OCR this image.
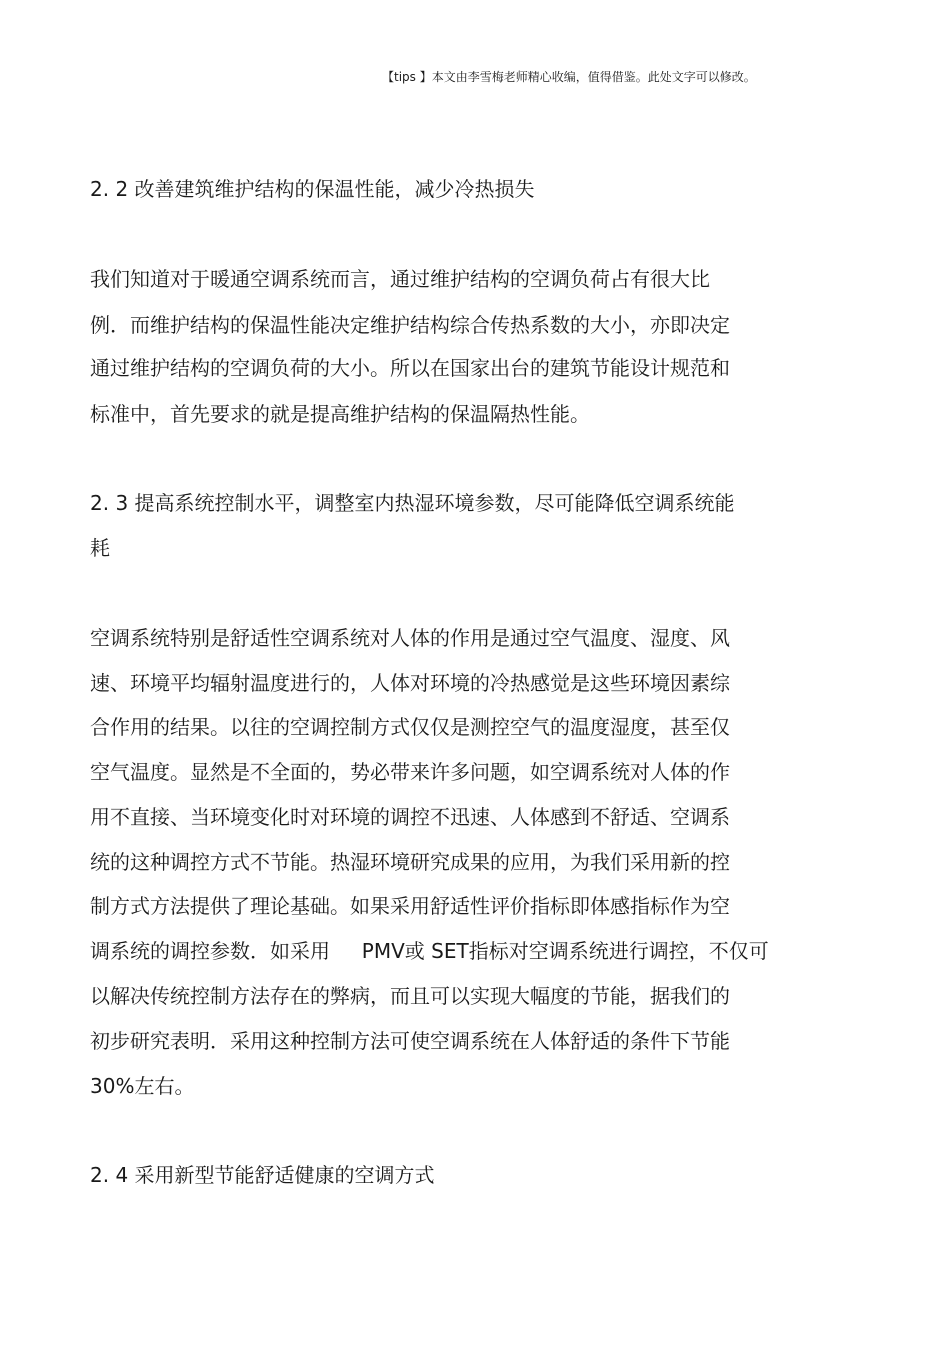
【tips 】本文由李雪梅老师精心收编，值得借鉴。此处文字可以修改。
2. 2 改善建筑维护结构的保温性能，减少冷热损失
我们知道对于暖通空调系统而言，通过维护结构的空调负荷占有很大比
例．而维护结构的保温性能决定维护结构综合传热系数的大小，亦即决定
通过维护结构的空调负荷的大小。所以在国家出台的建筑节能设计规范和
标准中，首先要求的就是提高维护结构的保温隔热性能。
2. 3 提高系统控制水平，调整室内热湿环境参数，尽可能降低空调系统能
耗
空调系统特别是舒适性空调系统对人体的作用是通过空气温度、湿度、风
速、环境平均辐射温度进行的，人体对环境的冷热感觉是这些环境因素综
合作用的结果。以往的空调控制方式仅仅是测控空气的温度湿度，甚至仅
空气温度。显然是不全面的，势必带来许多问题，如空调系统对人体的作
用不直接、当环境变化时对环境的调控不迅速、人体感到不舒适、空调系
统的这种调控方式不节能。热湿环境研究成果的应用，为我们采用新的控
制方式方法提供了理论基础。如果采用舒适性评价指标即体感指标作为空
调系统的调控参数．如采用     PMV或 SET指标对空调系统进行调控，不仅可
以解决传统控制方法存在的弊病，而且可以实现大幅度的节能，据我们的
初步研究表明．采用这种控制方法可使空调系统在人体舒适的条件下节能
30%左右。
2. 4 采用新型节能舒适健康的空调方式
